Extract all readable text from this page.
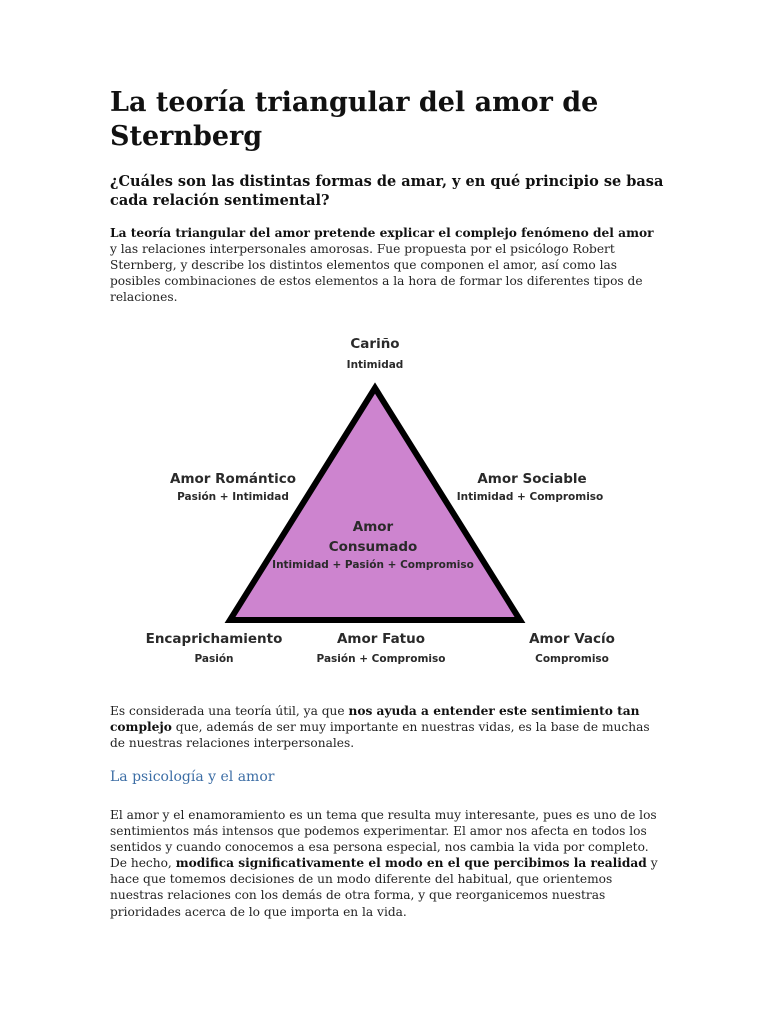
La teoría triangular del amor de Sternberg

¿Cuáles son las distintas formas de amar, y en qué principio se basa cada relación sentimental?

La teoría triangular del amor pretende explicar el complejo fenómeno del amor y las relaciones interpersonales amorosas. Fue propuesta por el psicólogo Robert Sternberg, y describe los distintos elementos que componen el amor, así como las posibles combinaciones de estos elementos a la hora de formar los diferentes tipos de relaciones.

Cariño
Intimidad
Amor Romántico
Pasión + Intimidad
Amor Sociable
Intimidad + Compromiso
Amor
Consumado
Intimidad + Pasión + Compromiso
Encaprichamiento
Pasión
Amor Fatuo
Pasión + Compromiso
Amor Vacío
Compromiso

Es considerada una teoría útil, ya que nos ayuda a entender este sentimiento tan complejo que, además de ser muy importante en nuestras vidas, es la base de muchas de nuestras relaciones interpersonales.

La psicología y el amor

El amor y el enamoramiento es un tema que resulta muy interesante, pues es uno de los sentimientos más intensos que podemos experimentar. El amor nos afecta en todos los sentidos y cuando conocemos a esa persona especial, nos cambia la vida por completo. De hecho, modifica significativamente el modo en el que percibimos la realidad y hace que tomemos decisiones de un modo diferente del habitual, que orientemos nuestras relaciones con los demás de otra forma, y que reorganicemos nuestras prioridades acerca de lo que importa en la vida.
